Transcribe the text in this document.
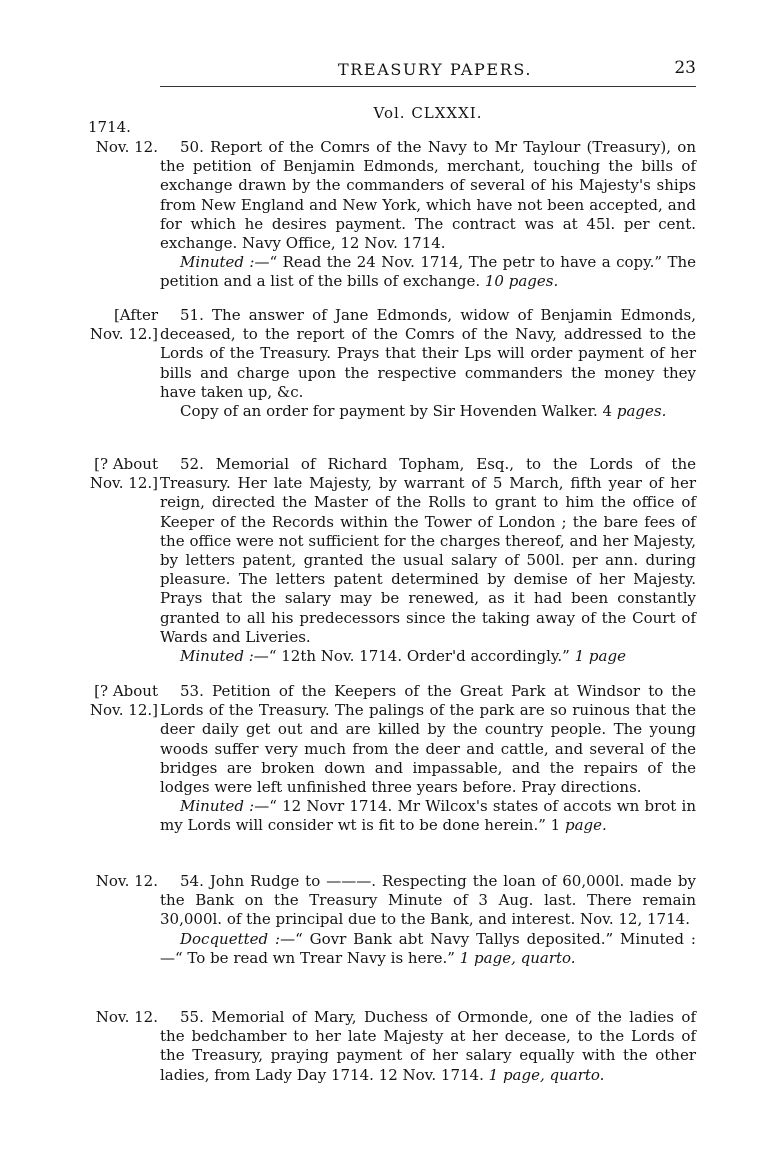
TREASURY PAPERS.	23
Vol. CLXXXI.
1714.
Nov. 12.	50. Report of the Comrs of the Navy to Mr Taylour (Treasury), on the petition of Benjamin Edmonds, merchant, touching the bills of exchange drawn by the commanders of several of his Majesty's ships from New England and New York, which have not been accepted, and for which he desires payment. The contract was at 45l. per cent. exchange. Navy Office, 12 Nov. 1714.

Minuted :—“ Read the 24 Nov. 1714, The petr to have a copy.” The petition and a list of the bills of exchange. 10 pages.

[After
Nov. 12.]

51. The answer of Jane Edmonds, widow of Benjamin Edmonds, deceased, to the report of the Comrs of the Navy, addressed to the Lords of the Treasury. Prays that their Lps will order payment of her bills and charge upon the respective commanders the money they have taken up, &c.

Copy of an order for payment by Sir Hovenden Walker. 4 pages.

[? About
Nov. 12.]

52. Memorial of Richard Topham, Esq., to the Lords of the Treasury. Her late Majesty, by warrant of 5 March, fifth year of her reign, directed the Master of the Rolls to grant to him the office of Keeper of the Records within the Tower of London ; the bare fees of the office were not sufficient for the charges thereof, and her Majesty, by letters patent, granted the usual salary of 500l. per ann. during pleasure. The letters patent determined by demise of her Majesty. Prays that the salary may be renewed, as it had been constantly granted to all his predecessors since the taking away of the Court of Wards and Liveries.

Minuted :—“ 12th Nov. 1714. Order'd accordingly.” 1 page

[? About
Nov. 12.]

53. Petition of the Keepers of the Great Park at Windsor to the Lords of the Treasury. The palings of the park are so ruinous that the deer daily get out and are killed by the country people. The young woods suffer very much from the deer and cattle, and several of the bridges are broken down and impassable, and the repairs of the lodges were left unfinished three years before. Pray directions.

Minuted :—“ 12 Novr 1714. Mr Wilcox's states of accots wn brot in my Lords will consider wt is fit to be done herein.” 1 page.

Nov. 12.	54. John Rudge to ———. Respecting the loan of 60,000l. made by the Bank on the Treasury Minute of 3 Aug. last. There remain 30,000l. of the principal due to the Bank, and interest. Nov. 12, 1714.

Docquetted :—“ Govr Bank abt Navy Tallys deposited.” Minuted : —“ To be read wn Trear Navy is here.” 1 page, quarto.

Nov. 12.	55. Memorial of Mary, Duchess of Ormonde, one of the ladies of the bedchamber to her late Majesty at her decease, to the Lords of the Treasury, praying payment of her salary equally with the other ladies, from Lady Day 1714. 12 Nov. 1714. 1 page, quarto.
